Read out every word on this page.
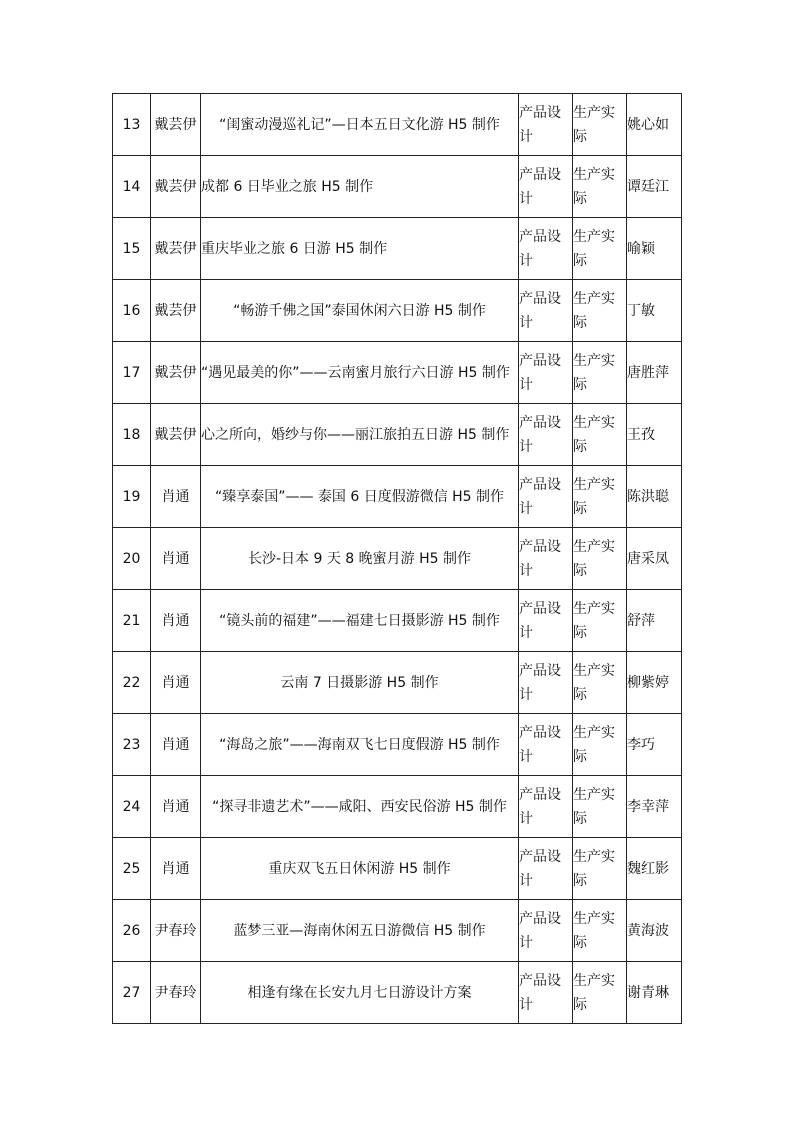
13	戴芸伊	“闺蜜动漫巡礼记”—日本五日文化游 H5 制作	产品设计	生产实际	姚心如
14	戴芸伊	成都 6 日毕业之旅 H5 制作	产品设计	生产实际	谭廷江
15	戴芸伊	重庆毕业之旅 6 日游 H5 制作	产品设计	生产实际	喻颖
16	戴芸伊	“畅游千佛之国”泰国休闲六日游 H5 制作	产品设计	生产实际	丁敏
17	戴芸伊	“遇见最美的你”——云南蜜月旅行六日游 H5 制作	产品设计	生产实际	唐胜萍
18	戴芸伊	心之所向，婚纱与你——丽江旅拍五日游 H5 制作	产品设计	生产实际	王孜
19	肖通	“臻享泰国”—— 泰国 6 日度假游微信 H5 制作	产品设计	生产实际	陈洪聪
20	肖通	长沙-日本 9 天 8 晚蜜月游 H5 制作	产品设计	生产实际	唐采凤
21	肖通	“镜头前的福建”——福建七日摄影游 H5 制作	产品设计	生产实际	舒萍
22	肖通	云南 7 日摄影游 H5 制作	产品设计	生产实际	柳紫婷
23	肖通	“海岛之旅”——海南双飞七日度假游 H5 制作	产品设计	生产实际	李巧
24	肖通	“探寻非遗艺术”——咸阳、西安民俗游 H5 制作	产品设计	生产实际	李幸萍
25	肖通	重庆双飞五日休闲游 H5 制作	产品设计	生产实际	魏红影
26	尹春玲	蓝梦三亚—海南休闲五日游微信 H5 制作	产品设计	生产实际	黄海波
27	尹春玲	相逢有缘在长安九月七日游设计方案	产品设计	生产实际	谢青琳
